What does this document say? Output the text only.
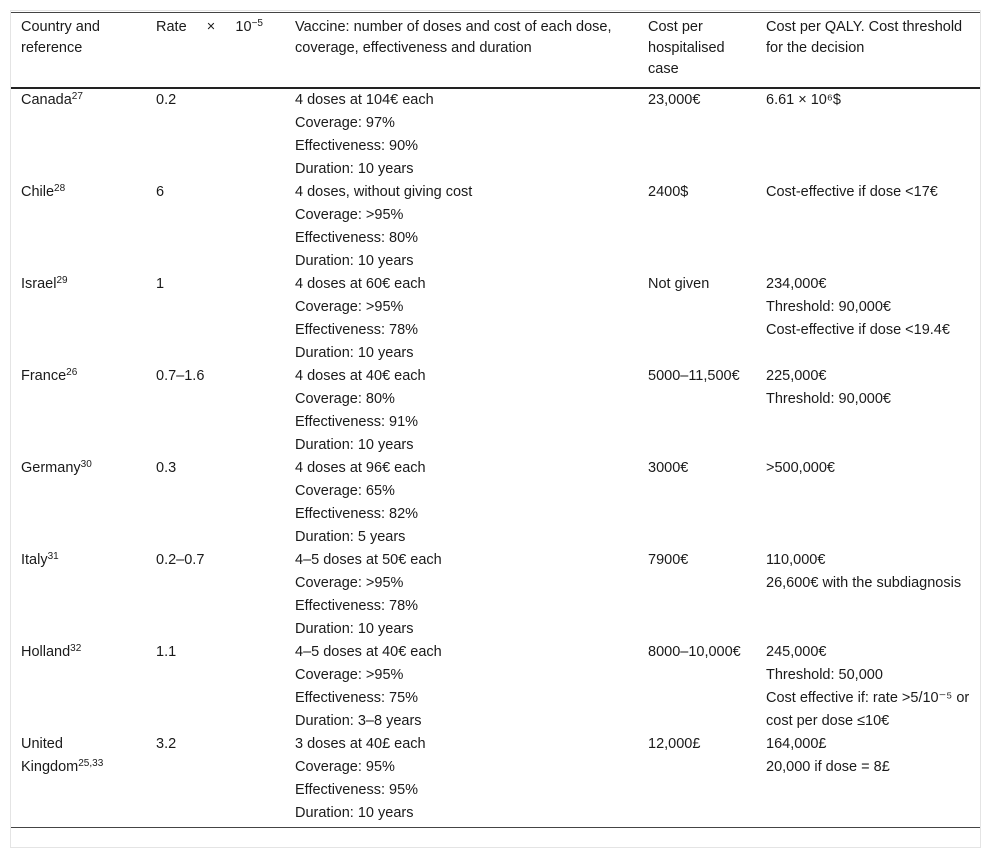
Country and reference	Rate × $10^{-5}$	Vaccine: number of doses and cost of each dose, coverage, effectiveness and duration	Cost per hospitalised case	Cost per QALY. Cost threshold for the decision
Canada$^{27}$	0.2	4 doses at 104€ each
Coverage: 97%
Effectiveness: 90%
Duration: 10 years	23,000€	6.61 × 10⁶$

Chile$^{28}$	6	4 doses, without giving cost
Coverage: >95%
Effectiveness: 80%
Duration: 10 years	2400$	Cost-effective if dose <17€

Israel$^{29}$	1	4 doses at 60€ each
Coverage: >95%
Effectiveness: 78%
Duration: 10 years	Not given	234,000€
Threshold: 90,000€
Cost-effective if dose <19.4€

France$^{26}$	0.7–1.6	4 doses at 40€ each
Coverage: 80%
Effectiveness: 91%
Duration: 10 years	5000–11,500€	225,000€
Threshold: 90,000€

Germany$^{30}$	0.3	4 doses at 96€ each
Coverage: 65%
Effectiveness: 82%
Duration: 5 years	3000€	>500,000€

Italy$^{31}$	0.2–0.7	4–5 doses at 50€ each
Coverage: >95%
Effectiveness: 78%
Duration: 10 years	7900€	110,000€
26,600€ with the subdiagnosis

Holland$^{32}$	1.1	4–5 doses at 40€ each
Coverage: >95%
Effectiveness: 75%
Duration: 3–8 years	8000–10,000€	245,000€
Threshold: 50,000
Cost effective if: rate >5/10⁻⁵ or cost per dose ≤10€

United Kingdom$^{25,33}$	3.2	3 doses at 40£ each
Coverage: 95%
Effectiveness: 95%
Duration: 10 years	12,000£	164,000£
20,000 if dose = 8£
